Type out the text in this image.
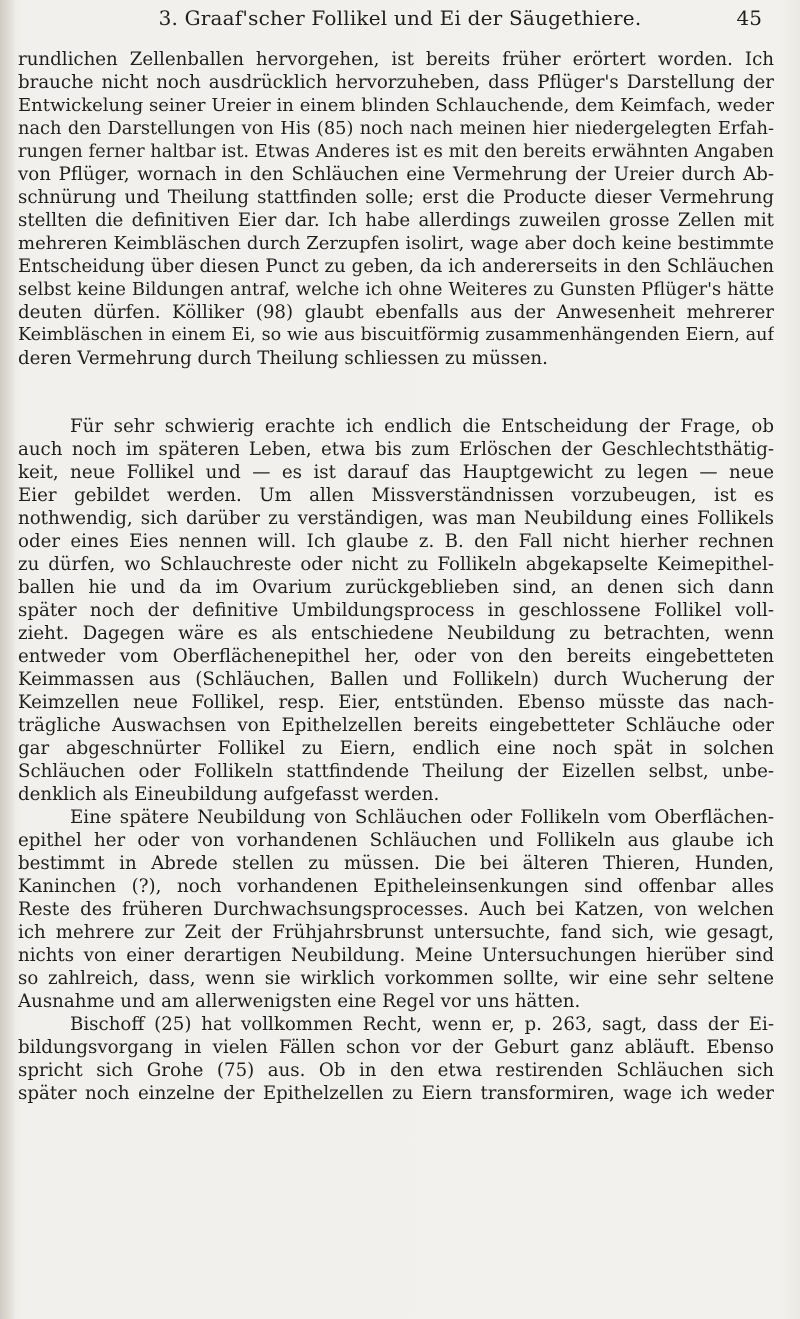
3. Graaf'scher Follikel und Ei der Säugethiere.	45
rundlichen Zellenballen hervorgehen, ist bereits früher erörtert worden. Ich
brauche nicht noch ausdrücklich hervorzuheben, dass Pflüger's Darstellung der
Entwickelung seiner Ureier in einem blinden Schlauchende, dem Keimfach, weder
nach den Darstellungen von His (85) noch nach meinen hier niedergelegten Erfah-
rungen ferner haltbar ist. Etwas Anderes ist es mit den bereits erwähnten Angaben
von Pflüger, wornach in den Schläuchen eine Vermehrung der Ureier durch Ab-
schnürung und Theilung stattfinden solle; erst die Producte dieser Vermehrung
stellten die definitiven Eier dar. Ich habe allerdings zuweilen grosse Zellen mit
mehreren Keimbläschen durch Zerzupfen isolirt, wage aber doch keine bestimmte
Entscheidung über diesen Punct zu geben, da ich andererseits in den Schläuchen
selbst keine Bildungen antraf, welche ich ohne Weiteres zu Gunsten Pflüger's hätte
deuten dürfen. Kölliker (98) glaubt ebenfalls aus der Anwesenheit mehrerer
Keimbläschen in einem Ei, so wie aus biscuitförmig zusammenhängenden Eiern, auf
deren Vermehrung durch Theilung schliessen zu müssen.
Für sehr schwierig erachte ich endlich die Entscheidung der Frage, ob
auch noch im späteren Leben, etwa bis zum Erlöschen der Geschlechtsthätig-
keit, neue Follikel und — es ist darauf das Hauptgewicht zu legen — neue
Eier gebildet werden. Um allen Missverständnissen vorzubeugen, ist es
nothwendig, sich darüber zu verständigen, was man Neubildung eines Follikels
oder eines Eies nennen will. Ich glaube z. B. den Fall nicht hierher rechnen
zu dürfen, wo Schlauchreste oder nicht zu Follikeln abgekapselte Keimepithel-
ballen hie und da im Ovarium zurückgeblieben sind, an denen sich dann
später noch der definitive Umbildungsprocess in geschlossene Follikel voll-
zieht. Dagegen wäre es als entschiedene Neubildung zu betrachten, wenn
entweder vom Oberflächenepithel her, oder von den bereits eingebetteten
Keimmassen aus (Schläuchen, Ballen und Follikeln) durch Wucherung der
Keimzellen neue Follikel, resp. Eier, entstünden. Ebenso müsste das nach-
trägliche Auswachsen von Epithelzellen bereits eingebetteter Schläuche oder
gar abgeschnürter Follikel zu Eiern, endlich eine noch spät in solchen
Schläuchen oder Follikeln stattfindende Theilung der Eizellen selbst, unbe-
denklich als Eineubildung aufgefasst werden.
Eine spätere Neubildung von Schläuchen oder Follikeln vom Oberflächen-
epithel her oder von vorhandenen Schläuchen und Follikeln aus glaube ich
bestimmt in Abrede stellen zu müssen. Die bei älteren Thieren, Hunden,
Kaninchen (?), noch vorhandenen Epitheleinsenkungen sind offenbar alles
Reste des früheren Durchwachsungsprocesses. Auch bei Katzen, von welchen
ich mehrere zur Zeit der Frühjahrsbrunst untersuchte, fand sich, wie gesagt,
nichts von einer derartigen Neubildung. Meine Untersuchungen hierüber sind
so zahlreich, dass, wenn sie wirklich vorkommen sollte, wir eine sehr seltene
Ausnahme und am allerwenigsten eine Regel vor uns hätten.
Bischoff (25) hat vollkommen Recht, wenn er, p. 263, sagt, dass der Ei-
bildungsvorgang in vielen Fällen schon vor der Geburt ganz abläuft. Ebenso
spricht sich Grohe (75) aus. Ob in den etwa restirenden Schläuchen sich
später noch einzelne der Epithelzellen zu Eiern transformiren, wage ich weder
